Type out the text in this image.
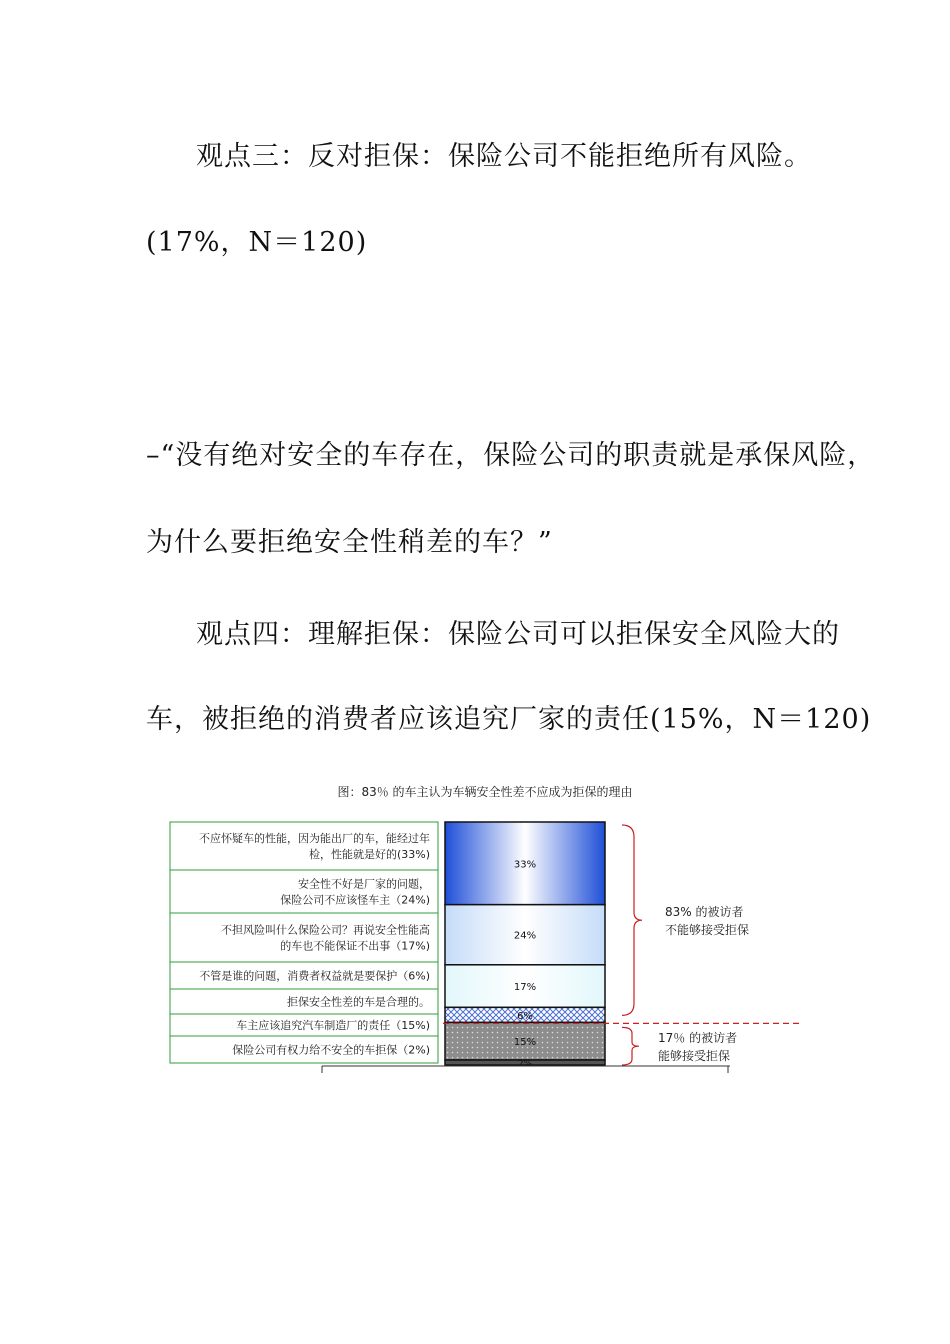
观点三：反对拒保：保险公司不能拒绝所有风险。
(17%，N＝120)
–“没有绝对安全的车存在，保险公司的职责就是承保风险，
为什么要拒绝安全性稍差的车？”
观点四：理解拒保：保险公司可以拒保安全风险大的
车，被拒绝的消费者应该追究厂家的责任(15%，N＝120)
图：83％ 的车主认为车辆安全性差不应成为拒保的理由
不应怀疑车的性能，因为能出厂的车，能经过年
检，性能就是好的(33%)
安全性不好是厂家的问题，
保险公司不应该怪车主（24%)
不担风险叫什么保险公司？再说安全性能高
的车也不能保证不出事（17%)
不管是谁的问题，消费者权益就是要保护（6%)
拒保安全性差的车是合理的。
车主应该追究汽车制造厂的责任（15%)
保险公司有权力给不安全的车拒保（2%)
33%
24%
17%
6%
15%
2%
83% 的被访者
不能够接受拒保
17％ 的被访者
能够接受拒保
